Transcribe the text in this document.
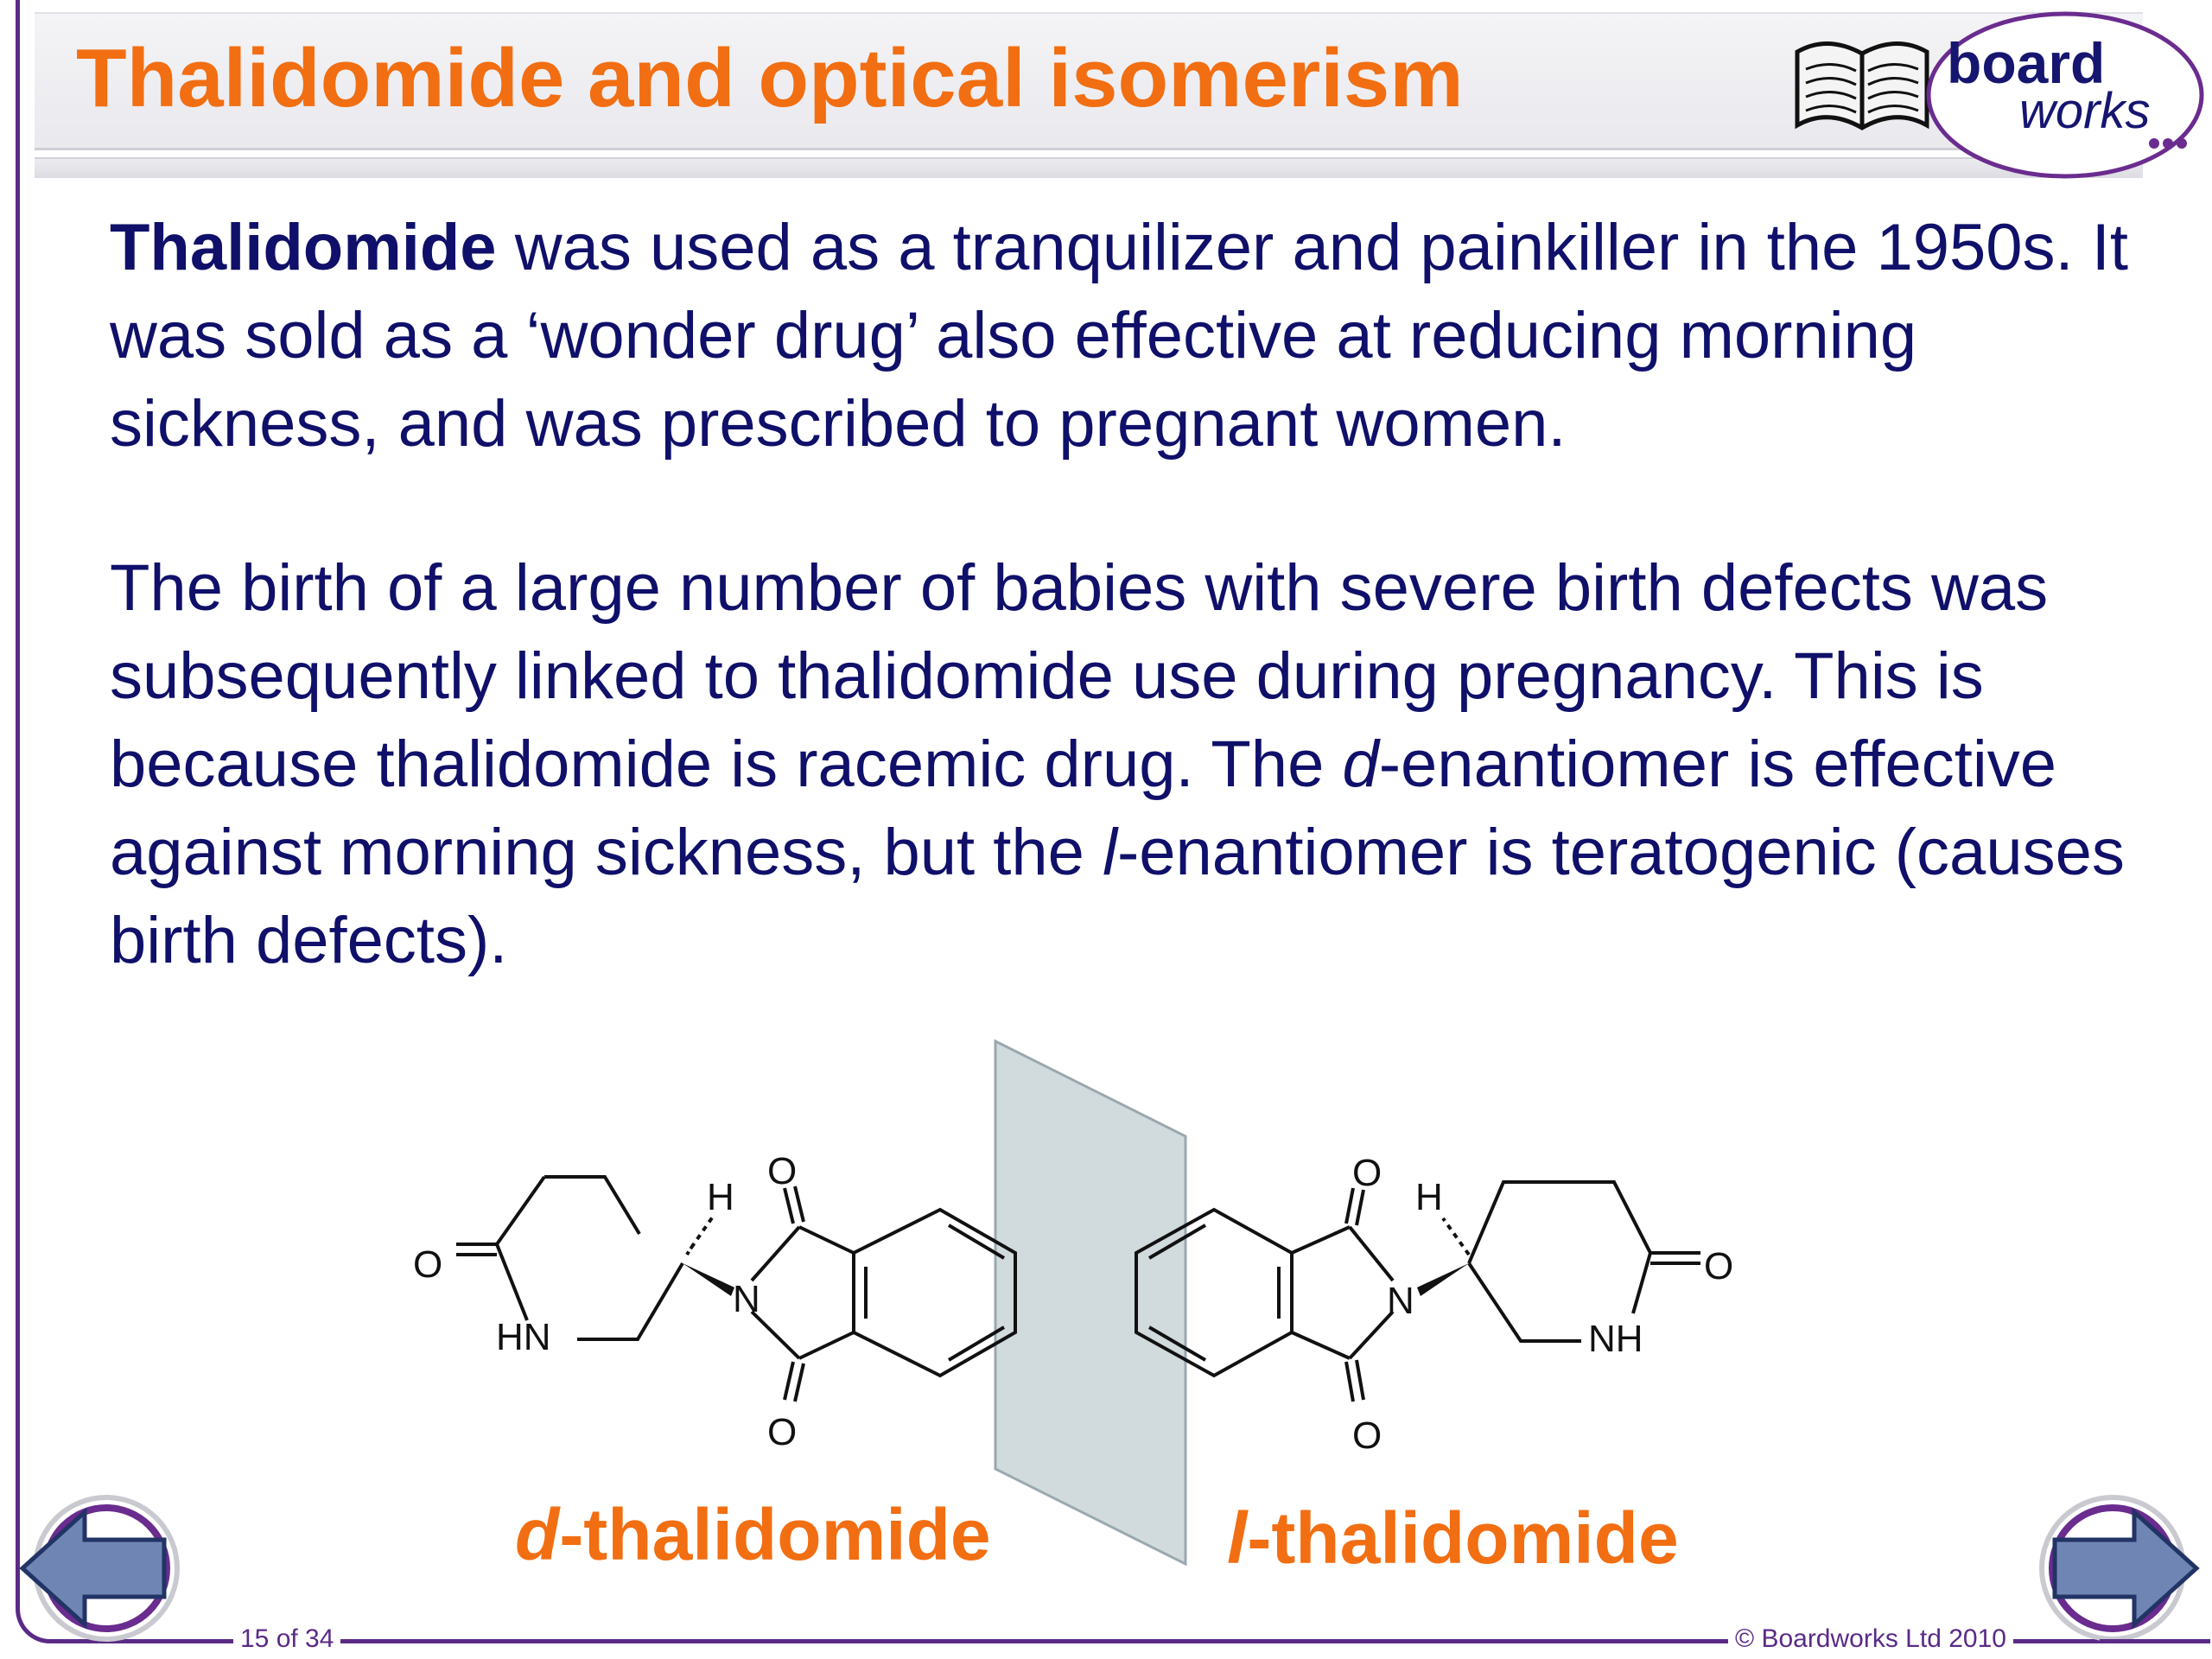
Thalidomide and optical isomerism	board
works
Thalidomide was used as a tranquilizer and painkiller in the 1950s. It was sold as a ‘wonder drug’ also effective at reducing morning sickness, and was prescribed to pregnant women.
The birth of a large number of babies with severe birth defects was subsequently linked to thalidomide use during pregnancy. This is because thalidomide is racemic drug. The d-enantiomer is effective against morning sickness, but the l-enantiomer is teratogenic (causes birth defects).
O
HN
H
N
O
O
O
O
H
N
NH
O
d-thalidomide	l-thalidomide
15 of 34	© Boardworks Ltd 2010
